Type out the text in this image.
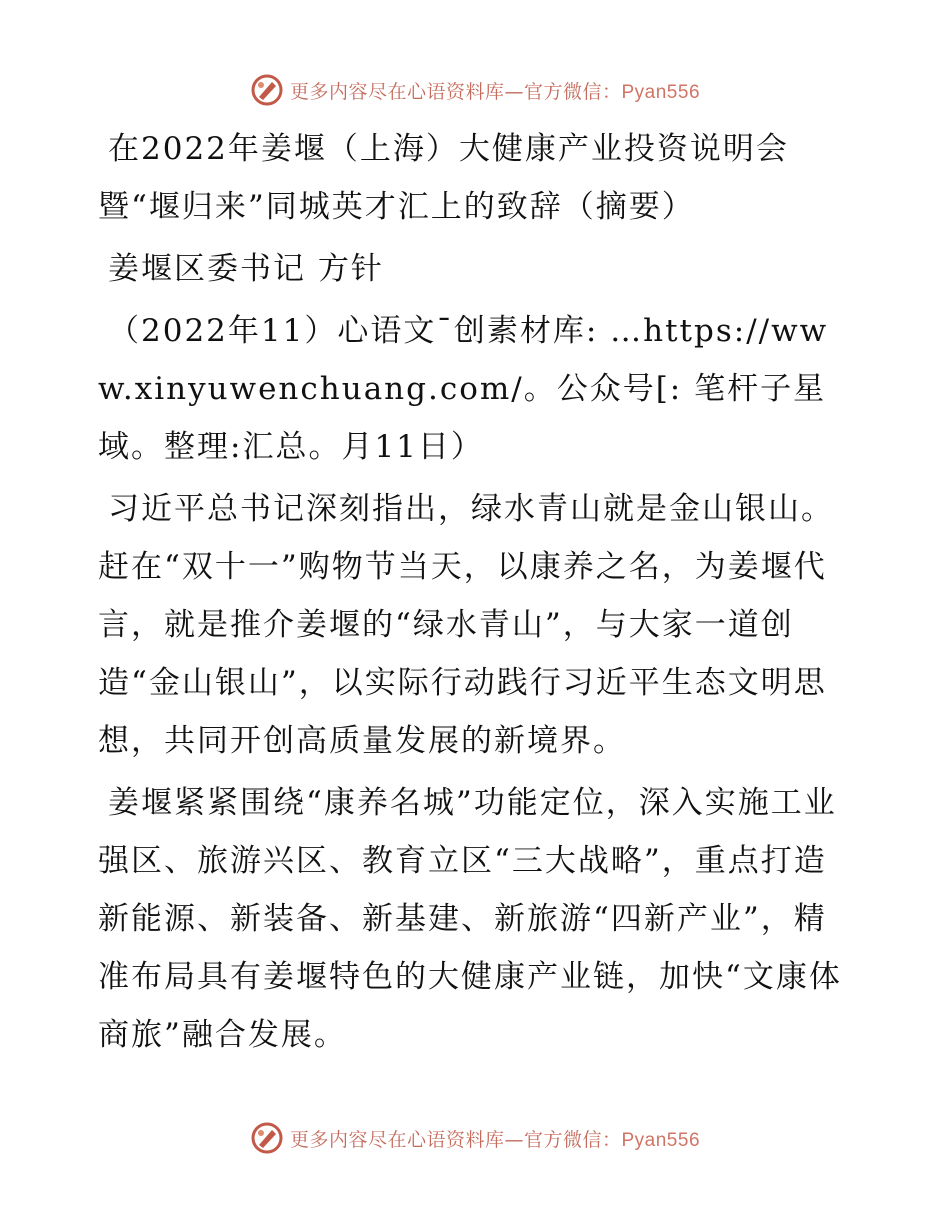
更多内容尽在心语资料库—官方微信：Pyan556

在2022年姜堰（上海）大健康产业投资说明会

暨“堰归来”同城英才汇上的致辞（摘要）

姜堰区委书记 方针

（2022年11）心语文¯创素材库: …https://www.xinyuwenchuang.com/。公众号[: 笔杆子星域。整理:汇总。月11日）

习近平总书记深刻指出，绿水青山就是金山银山。赶在“双十一”购物节当天，以康养之名，为姜堰代言，就是推介姜堰的“绿水青山”，与大家一道创造“金山银山”，以实际行动践行习近平生态文明思想，共同开创高质量发展的新境界。

姜堰紧紧围绕“康养名城”功能定位，深入实施工业强区、旅游兴区、教育立区“三大战略”，重点打造新能源、新装备、新基建、新旅游“四新产业”，精准布局具有姜堰特色的大健康产业链，加快“文康体商旅”融合发展。

更多内容尽在心语资料库—官方微信：Pyan556
